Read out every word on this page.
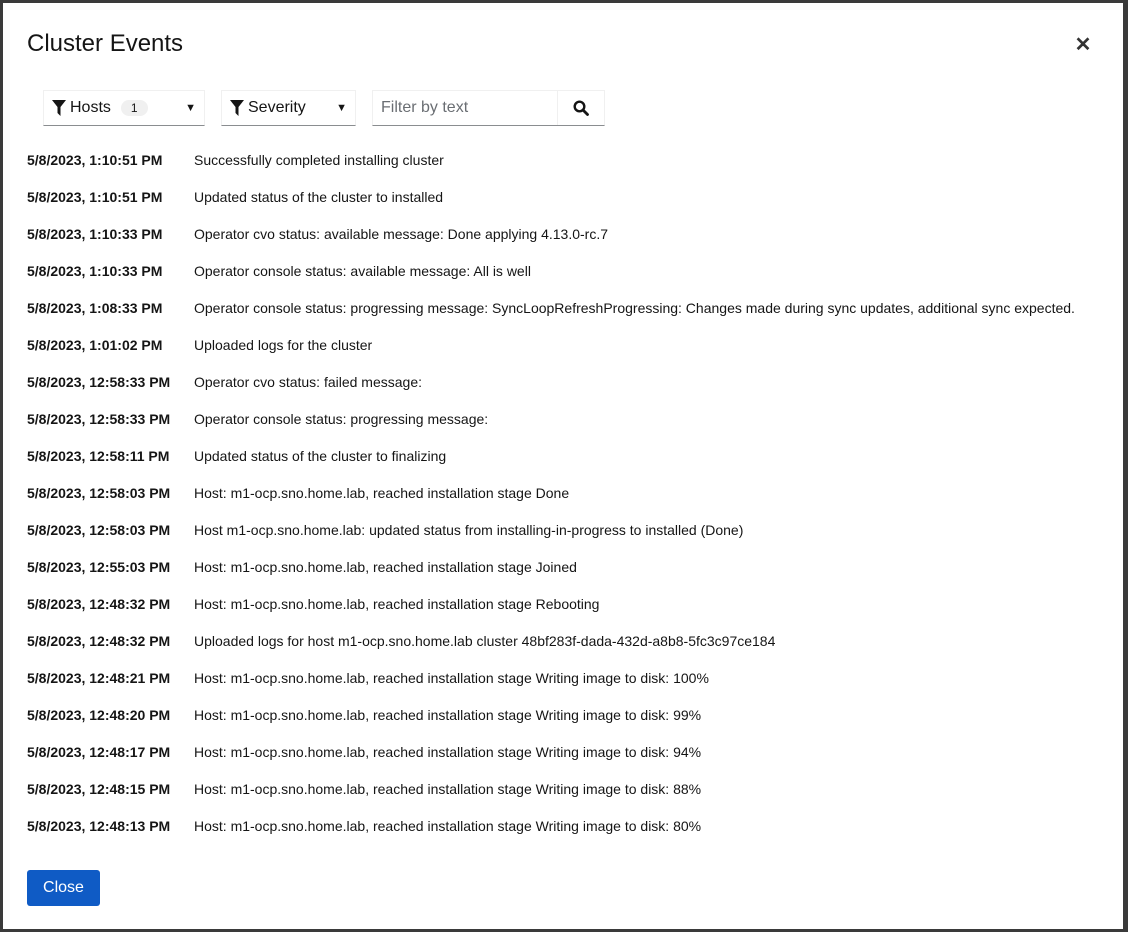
Cluster Events	✕
Hosts	1	▼	Severity	▼
Filter by text
5/8/2023, 1:10:51 PM	Successfully completed installing cluster
5/8/2023, 1:10:51 PM	Updated status of the cluster to installed
5/8/2023, 1:10:33 PM	Operator cvo status: available message: Done applying 4.13.0-rc.7
5/8/2023, 1:10:33 PM	Operator console status: available message: All is well
5/8/2023, 1:08:33 PM	Operator console status: progressing message: SyncLoopRefreshProgressing: Changes made during sync updates, additional sync expected.
5/8/2023, 1:01:02 PM	Uploaded logs for the cluster
5/8/2023, 12:58:33 PM	Operator cvo status: failed message:
5/8/2023, 12:58:33 PM	Operator console status: progressing message:
5/8/2023, 12:58:11 PM	Updated status of the cluster to finalizing
5/8/2023, 12:58:03 PM	Host: m1-ocp.sno.home.lab, reached installation stage Done
5/8/2023, 12:58:03 PM	Host m1-ocp.sno.home.lab: updated status from installing-in-progress to installed (Done)
5/8/2023, 12:55:03 PM	Host: m1-ocp.sno.home.lab, reached installation stage Joined
5/8/2023, 12:48:32 PM	Host: m1-ocp.sno.home.lab, reached installation stage Rebooting
5/8/2023, 12:48:32 PM	Uploaded logs for host m1-ocp.sno.home.lab cluster 48bf283f-dada-432d-a8b8-5fc3c97ce184
5/8/2023, 12:48:21 PM	Host: m1-ocp.sno.home.lab, reached installation stage Writing image to disk: 100%
5/8/2023, 12:48:20 PM	Host: m1-ocp.sno.home.lab, reached installation stage Writing image to disk: 99%
5/8/2023, 12:48:17 PM	Host: m1-ocp.sno.home.lab, reached installation stage Writing image to disk: 94%
5/8/2023, 12:48:15 PM	Host: m1-ocp.sno.home.lab, reached installation stage Writing image to disk: 88%
5/8/2023, 12:48:13 PM	Host: m1-ocp.sno.home.lab, reached installation stage Writing image to disk: 80%
Close
